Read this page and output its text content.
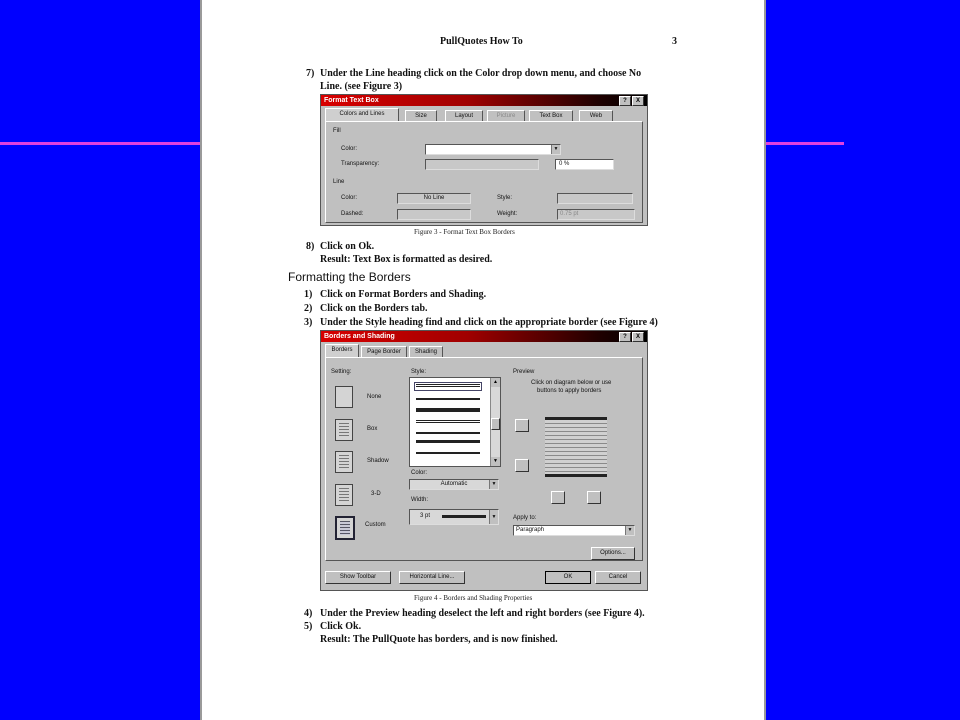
PullQuotes How To	3
7) Under the Line heading click on the Color drop down menu, and choose No
Line. (see Figure 3)
Format Text Box	?	X
Colors and Lines	Size	Layout	Picture	Text Box	Web
Fill
Color:	▼
Transparency:	0 %
Line
Color:	No Line	Style:
Dashed:	Weight:	0.75 pt
Figure 3 - Format Text Box Borders
8) Click on Ok.
Result: Text Box is formatted as desired.
Formatting the Borders
1) Click on Format Borders and Shading.
2) Click on the Borders tab.
3) Under the Style heading find and click on the appropriate border (see Figure 4)
Borders and Shading	?	X
Borders	Page Border	Shading
Setting:
None
Box
Shadow
3-D
Custom
Style:
▲
▼
Color:
Automatic	▼
Width:
3 pt	▼
Preview
Click on diagram below or use
buttons to apply borders
Apply to:
Paragraph	▼
Options...
Show Toolbar	Horizontal Line...	OK	Cancel
Figure 4 - Borders and Shading Properties
4) Under the Preview heading deselect the left and right borders (see Figure 4).
5) Click Ok.
Result: The PullQuote has borders, and is now finished.
